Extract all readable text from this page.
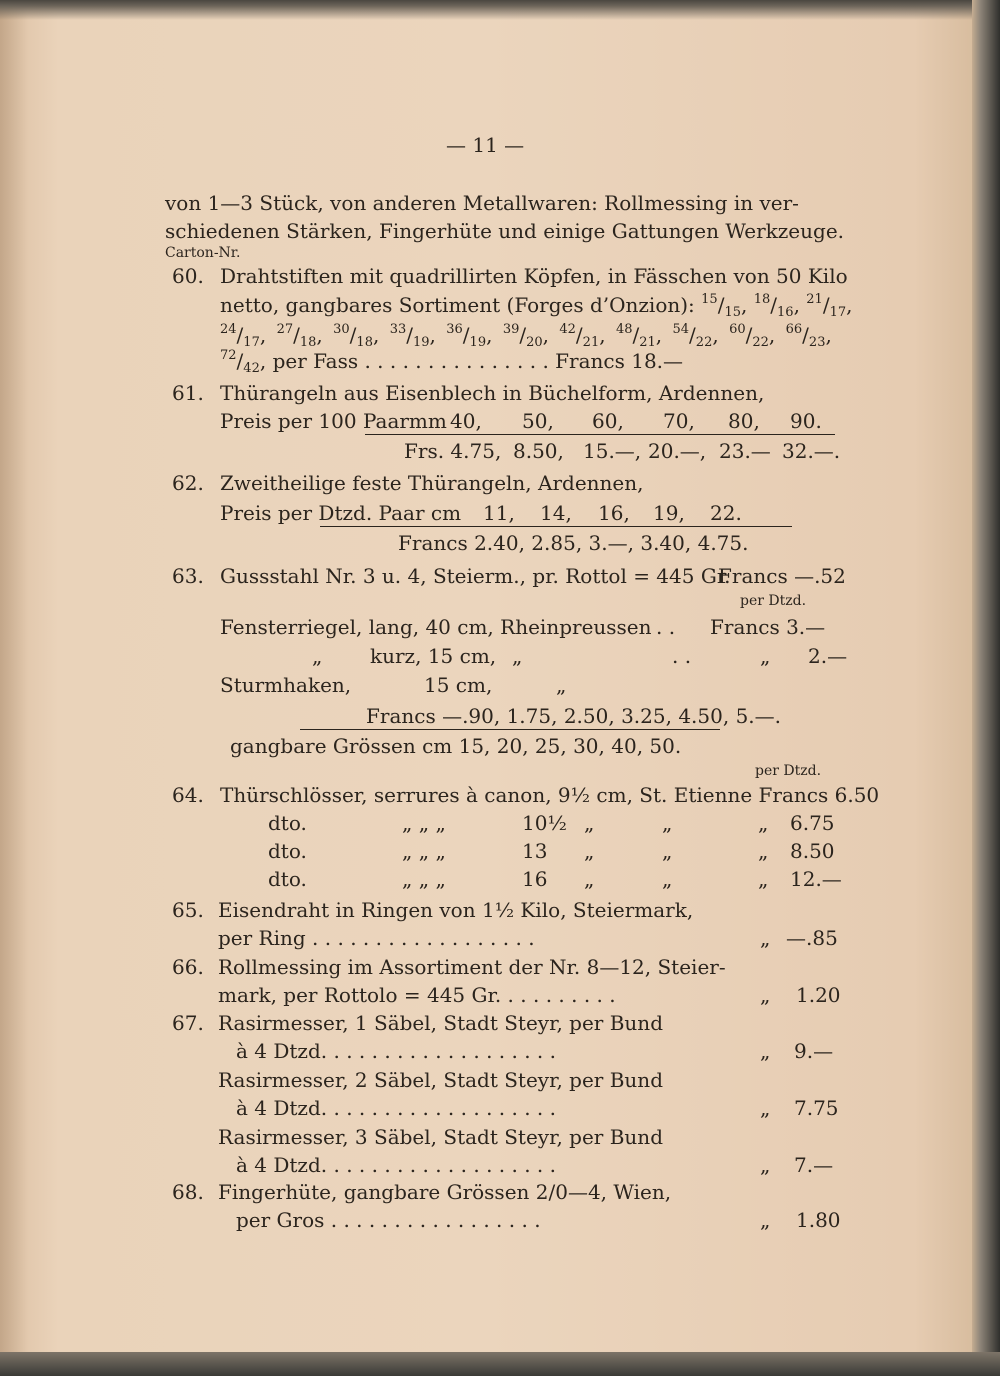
— 11 —
von 1—3 Stück, von anderen Metallwaren: Rollmessing in ver-
schiedenen Stärken, Fingerhüte und einige Gattungen Werkzeuge.
Carton-Nr.
60. Drahtstiften mit quadrillirten Köpfen, in Fässchen von 50 Kilo
netto, gangbares Sortiment (Forges d’Onzion): $^{15}/_{15}$, $^{18}/_{16}$, $^{21}/_{17}$,
$^{24}/_{17}$, $^{27}/_{18}$, $^{30}/_{18}$, $^{33}/_{19}$, $^{36}/_{19}$, $^{39}/_{20}$, $^{42}/_{21}$, $^{48}/_{21}$, $^{54}/_{22}$, $^{60}/_{22}$, $^{66}/_{23}$,
$^{72}/_{42}$, per Fass . . . . . . . . . . . . . . . Francs 18.—
61. Thürangeln aus Eisenblech in Büchelform, Ardennen,
Preis per 100 Paarmm 40, 50, 60, 70, 80, 90.
Frs. 4.75, 8.50, 15.—, 20.—, 23.— 32.—.
62. Zweitheilige feste Thürangeln, Ardennen,
Preis per Dtzd. Paar cm 11, 14, 16, 19, 22.
Francs 2.40, 2.85, 3.—, 3.40, 4.75.
63. Gussstahl Nr. 3 u. 4, Steierm., pr. Rottol = 445 Gr.
Francs —.52
per Dtzd.
Fensterriegel, lang, 40 cm, Rheinpreussen . . Francs 3.—
„ kurz, 15 cm, „	. .	„ 2.—
Sturmhaken,	15 cm,	„
Francs —.90, 1.75, 2.50, 3.25, 4.50, 5.—.
gangbare Grössen cm 15, 20, 25, 30, 40, 50.
per Dtzd.
64. Thürschlösser, serrures à canon, 9½ cm, St. Etienne Francs 6.50
dto.	„ „ „	10½ „	„	„ 6.75
dto.	„ „ „	13 „	„	„ 8.50
dto.	„ „ „	16 „	„	„ 12.—
65. Eisendraht in Ringen von 1½ Kilo, Steiermark,
per Ring . . . . . . . . . . . . . . . . . .	„ —.85
66. Rollmessing im Assortiment der Nr. 8—12, Steier-
mark, per Rottolo = 445 Gr. . . . . . . . . .	„ 1.20
67. Rasirmesser, 1 Säbel, Stadt Steyr, per Bund
à 4 Dtzd. . . . . . . . . . . . . . . . . . .	„ 9.—
Rasirmesser, 2 Säbel, Stadt Steyr, per Bund
à 4 Dtzd. . . . . . . . . . . . . . . . . . .	„ 7.75
Rasirmesser, 3 Säbel, Stadt Steyr, per Bund
à 4 Dtzd. . . . . . . . . . . . . . . . . . .	„ 7.—
68. Fingerhüte, gangbare Grössen 2/0—4, Wien,
per Gros . . . . . . . . . . . . . . . . .	„ 1.80
